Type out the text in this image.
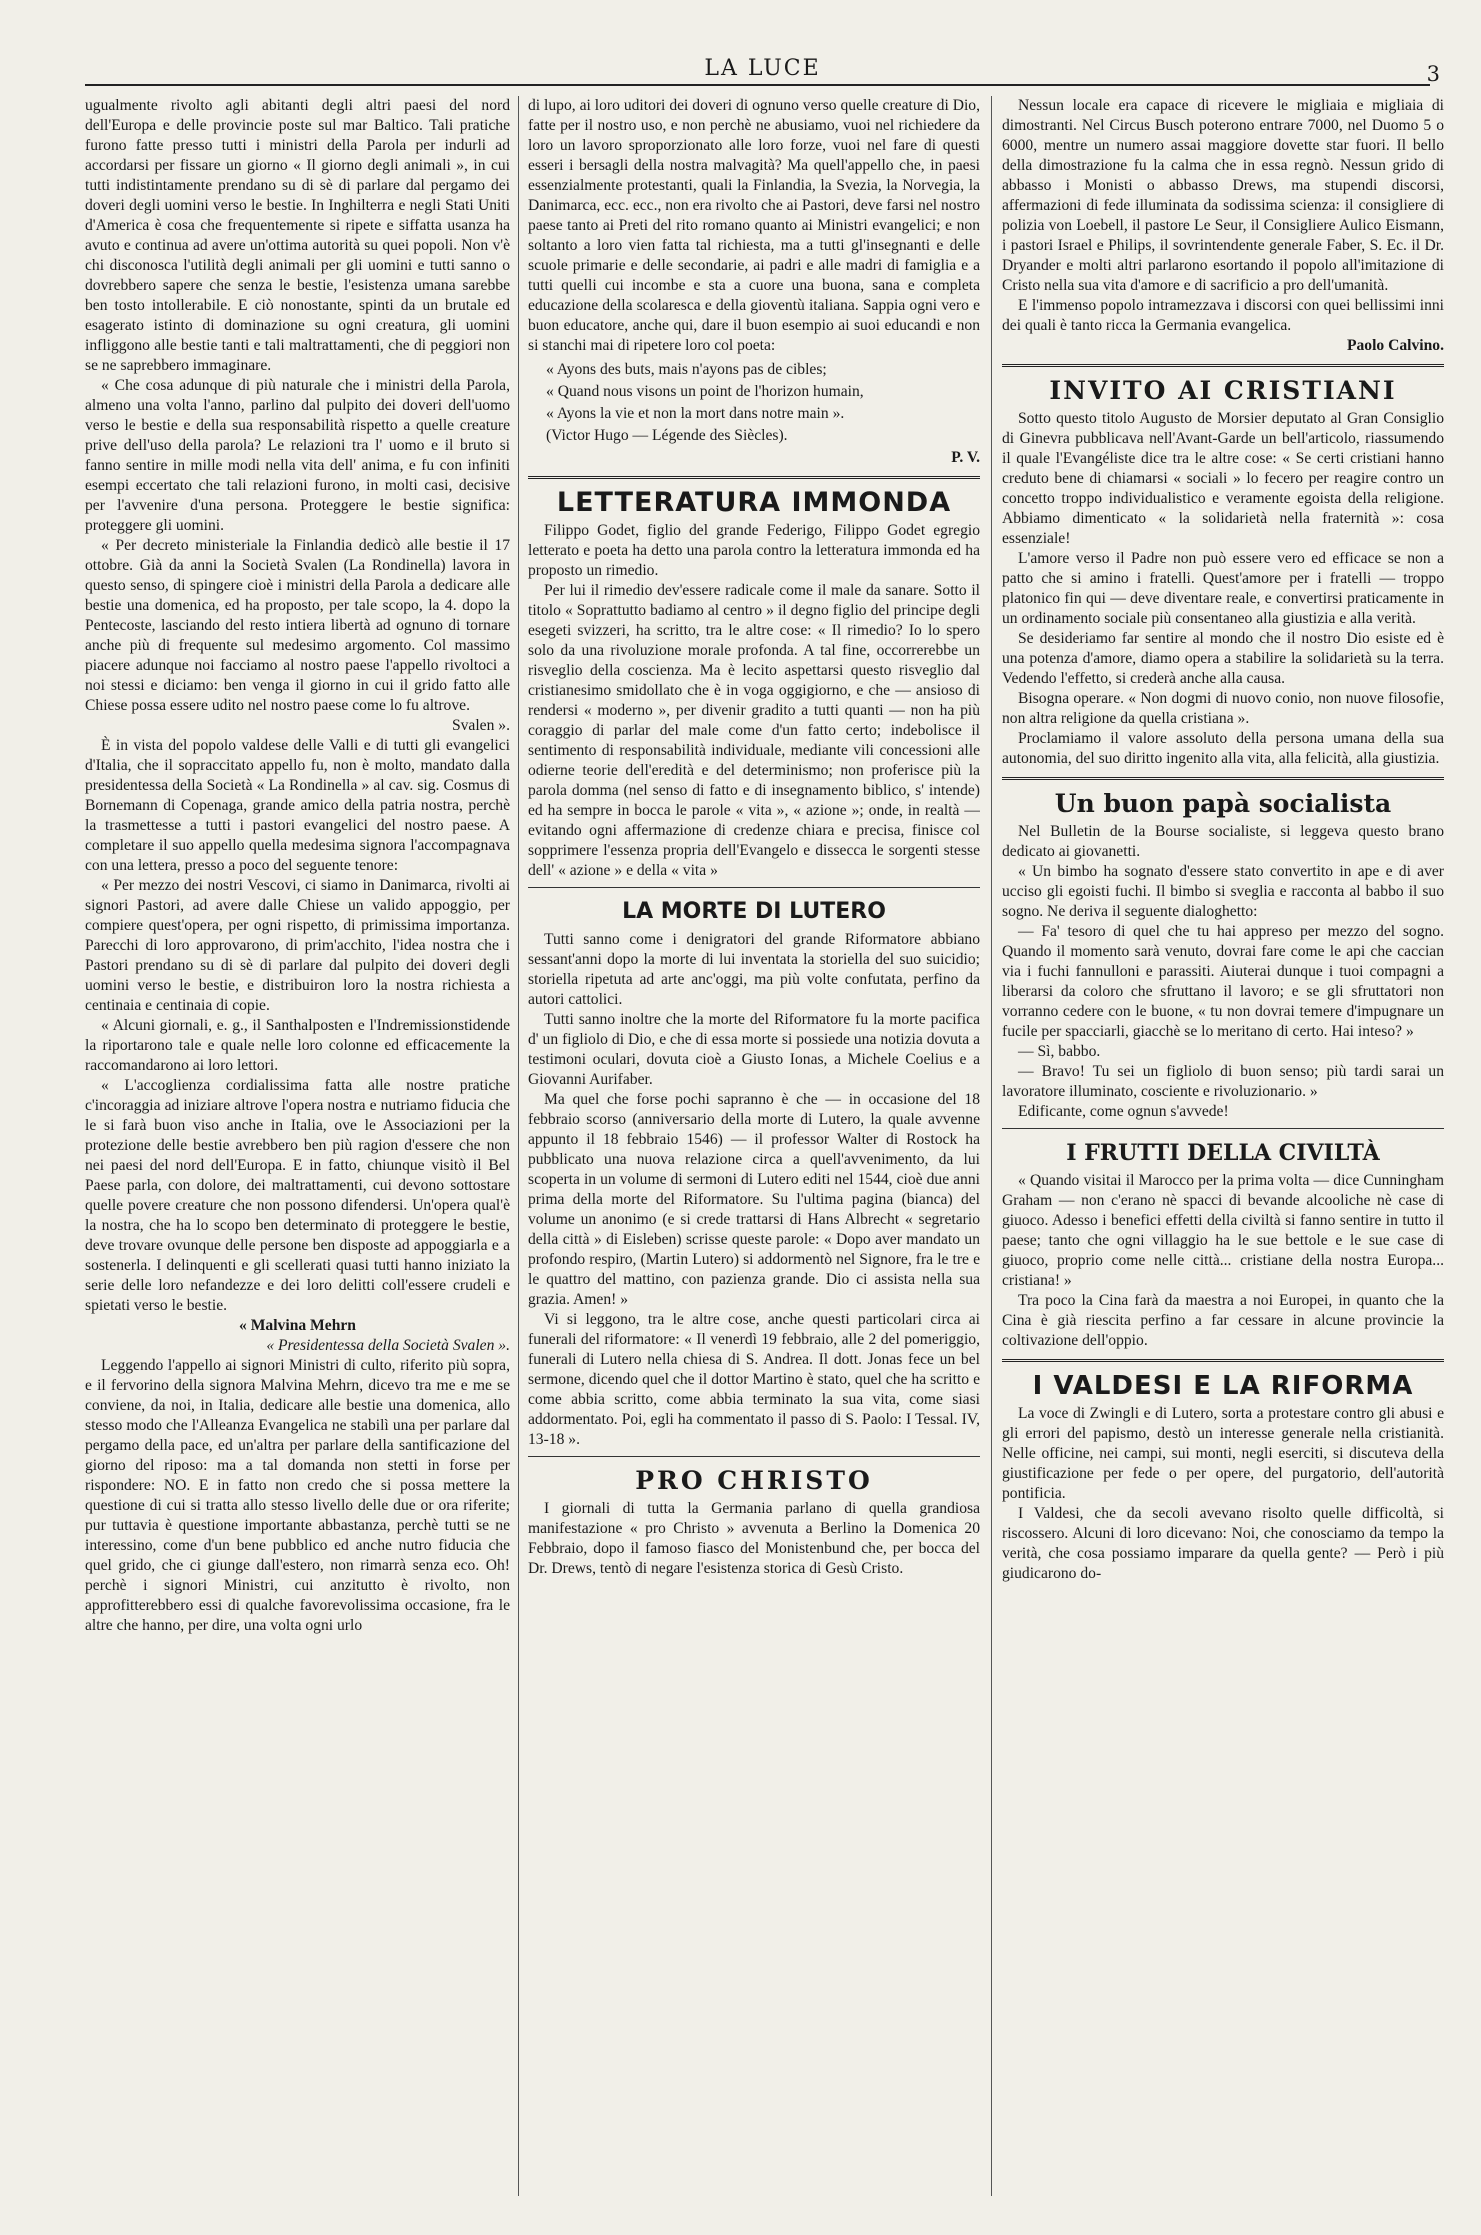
LA LUCE	3

ugualmente rivolto agli abitanti degli altri paesi del nord dell'Europa e delle provincie poste sul mar Baltico. Tali pratiche furono fatte presso tutti i ministri della Parola per indurli ad accordarsi per fissare un giorno « Il giorno degli animali », in cui tutti indistintamente prendano su di sè di parlare dal pergamo dei doveri degli uomini verso le bestie. In Inghilterra e negli Stati Uniti d'America è cosa che frequentemente si ripete e siffatta usanza ha avuto e continua ad avere un'ottima autorità su quei popoli. Non v'è chi disconosca l'utilità degli animali per gli uomini e tutti sanno o dovrebbero sapere che senza le bestie, l'esistenza umana sarebbe ben tosto intollerabile. E ciò nonostante, spinti da un brutale ed esagerato istinto di dominazione su ogni creatura, gli uomini infliggono alle bestie tanti e tali maltrattamenti, che di peggiori non se ne saprebbero immaginare.

« Che cosa adunque di più naturale che i ministri della Parola, almeno una volta l'anno, parlino dal pulpito dei doveri dell'uomo verso le bestie e della sua responsabilità rispetto a quelle creature prive dell'uso della parola? Le relazioni tra l' uomo e il bruto si fanno sentire in mille modi nella vita dell' anima, e fu con infiniti esempi eccertato che tali relazioni furono, in molti casi, decisive per l'avvenire d'una persona. Proteggere le bestie significa: proteggere gli uomini.

« Per decreto ministeriale la Finlandia dedicò alle bestie il 17 ottobre. Già da anni la Società Svalen (La Rondinella) lavora in questo senso, di spingere cioè i ministri della Parola a dedicare alle bestie una domenica, ed ha proposto, per tale scopo, la 4. dopo la Pentecoste, lasciando del resto intiera libertà ad ognuno di tornare anche più di frequente sul medesimo argomento. Col massimo piacere adunque noi facciamo al nostro paese l'appello rivoltoci a noi stessi e diciamo: ben venga il giorno in cui il grido fatto alle Chiese possa essere udito nel nostro paese come lo fu altrove.

Svalen ».

È in vista del popolo valdese delle Valli e di tutti gli evangelici d'Italia, che il sopraccitato appello fu, non è molto, mandato dalla presidentessa della Società « La Rondinella » al cav. sig. Cosmus di Bornemann di Copenaga, grande amico della patria nostra, perchè la trasmettesse a tutti i pastori evangelici del nostro paese. A completare il suo appello quella medesima signora l'accompagnava con una lettera, presso a poco del seguente tenore:

« Per mezzo dei nostri Vescovi, ci siamo in Danimarca, rivolti ai signori Pastori, ad avere dalle Chiese un valido appoggio, per compiere quest'opera, per ogni rispetto, di primissima importanza. Parecchi di loro approvarono, di prim'acchito, l'idea nostra che i Pastori prendano su di sè di parlare dal pulpito dei doveri degli uomini verso le bestie, e distribuiron loro la nostra richiesta a centinaia e centinaia di copie.

« Alcuni giornali, e. g., il Santhalposten e l'Indremissionstidende la riportarono tale e quale nelle loro colonne ed efficacemente la raccomandarono ai loro lettori.

« L'accoglienza cordialissima fatta alle nostre pratiche c'incoraggia ad iniziare altrove l'opera nostra e nutriamo fiducia che le si farà buon viso anche in Italia, ove le Associazioni per la protezione delle bestie avrebbero ben più ragion d'essere che non nei paesi del nord dell'Europa. E in fatto, chiunque visitò il Bel Paese parla, con dolore, dei maltrattamenti, cui devono sottostare quelle povere creature che non possono difendersi. Un'opera qual'è la nostra, che ha lo scopo ben determinato di proteggere le bestie, deve trovare ovunque delle persone ben disposte ad appoggiarla e a sostenerla. I delinquenti e gli scellerati quasi tutti hanno iniziato la serie delle loro nefandezze e dei loro delitti coll'essere crudeli e spietati verso le bestie.

« Malvina Mehrn

« Presidentessa della Società Svalen ».

Leggendo l'appello ai signori Ministri di culto, riferito più sopra, e il fervorino della signora Malvina Mehrn, dicevo tra me e me se conviene, da noi, in Italia, dedicare alle bestie una domenica, allo stesso modo che l'Alleanza Evangelica ne stabilì una per parlare dal pergamo della pace, ed un'altra per parlare della santificazione del giorno del riposo: ma a tal domanda non stetti in forse per rispondere: NO. E in fatto non credo che si possa mettere la questione di cui si tratta allo stesso livello delle due or ora riferite; pur tuttavia è questione importante abbastanza, perchè tutti se ne interessino, come d'un bene pubblico ed anche nutro fiducia che quel grido, che ci giunge dall'estero, non rimarrà senza eco. Oh! perchè i signori Ministri, cui anzitutto è rivolto, non approfitterebbero essi di qualche favorevolissima occasione, fra le altre che hanno, per dire, una volta ogni urlo

di lupo, ai loro uditori dei doveri di ognuno verso quelle creature di Dio, fatte per il nostro uso, e non perchè ne abusiamo, vuoi nel richiedere da loro un lavoro sproporzionato alle loro forze, vuoi nel fare di questi esseri i bersagli della nostra malvagità? Ma quell'appello che, in paesi essenzialmente protestanti, quali la Finlandia, la Svezia, la Norvegia, la Danimarca, ecc. ecc., non era rivolto che ai Pastori, deve farsi nel nostro paese tanto ai Preti del rito romano quanto ai Ministri evangelici; e non soltanto a loro vien fatta tal richiesta, ma a tutti gl'insegnanti e delle scuole primarie e delle secondarie, ai padri e alle madri di famiglia e a tutti quelli cui incombe e sta a cuore una buona, sana e completa educazione della scolaresca e della gioventù italiana. Sappia ogni vero e buon educatore, anche qui, dare il buon esempio ai suoi educandi e non si stanchi mai di ripetere loro col poeta:

« Ayons des buts, mais n'ayons pas de cibles;

« Quand nous visons un point de l'horizon humain,

« Ayons la vie et non la mort dans notre main ».

(Victor Hugo — Légende des Siècles).

P. V.

LETTERATURA IMMONDA

Filippo Godet, figlio del grande Federigo, Filippo Godet egregio letterato e poeta ha detto una parola contro la letteratura immonda ed ha proposto un rimedio.

Per lui il rimedio dev'essere radicale come il male da sanare. Sotto il titolo « Soprattutto badiamo al centro » il degno figlio del principe degli esegeti svizzeri, ha scritto, tra le altre cose: « Il rimedio? Io lo spero solo da una rivoluzione morale profonda. A tal fine, occorrerebbe un risveglio della coscienza. Ma è lecito aspettarsi questo risveglio dal cristianesimo smidollato che è in voga oggigiorno, e che — ansioso di rendersi « moderno », per divenir gradito a tutti quanti — non ha più coraggio di parlar del male come d'un fatto certo; indebolisce il sentimento di responsabilità individuale, mediante vili concessioni alle odierne teorie dell'eredità e del determinismo; non proferisce più la parola domma (nel senso di fatto e di insegnamento biblico, s' intende) ed ha sempre in bocca le parole « vita », « azione »; onde, in realtà — evitando ogni affermazione di credenze chiara e precisa, finisce col sopprimere l'essenza propria dell'Evangelo e dissecca le sorgenti stesse dell' « azione » e della « vita »

LA MORTE DI LUTERO

Tutti sanno come i denigratori del grande Riformatore abbiano sessant'anni dopo la morte di lui inventata la storiella del suo suicidio; storiella ripetuta ad arte anc'oggi, ma più volte confutata, perfino da autori cattolici.

Tutti sanno inoltre che la morte del Riformatore fu la morte pacifica d' un figliolo di Dio, e che di essa morte si possiede una notizia dovuta a testimoni oculari, dovuta cioè a Giusto Ionas, a Michele Coelius e a Giovanni Aurifaber.

Ma quel che forse pochi sapranno è che — in occasione del 18 febbraio scorso (anniversario della morte di Lutero, la quale avvenne appunto il 18 febbraio 1546) — il professor Walter di Rostock ha pubblicato una nuova relazione circa a quell'avvenimento, da lui scoperta in un volume di sermoni di Lutero editi nel 1544, cioè due anni prima della morte del Riformatore. Su l'ultima pagina (bianca) del volume un anonimo (e si crede trattarsi di Hans Albrecht « segretario della città » di Eisleben) scrisse queste parole: « Dopo aver mandato un profondo respiro, (Martin Lutero) si addormentò nel Signore, fra le tre e le quattro del mattino, con pazienza grande. Dio ci assista nella sua grazia. Amen! »

Vi si leggono, tra le altre cose, anche questi particolari circa ai funerali del riformatore: « Il venerdì 19 febbraio, alle 2 del pomeriggio, funerali di Lutero nella chiesa di S. Andrea. Il dott. Jonas fece un bel sermone, dicendo quel che il dottor Martino è stato, quel che ha scritto e come abbia scritto, come abbia terminato la sua vita, come siasi addormentato. Poi, egli ha commentato il passo di S. Paolo: I Tessal. IV, 13-18 ».

PRO CHRISTO

I giornali di tutta la Germania parlano di quella grandiosa manifestazione « pro Christo » avvenuta a Berlino la Domenica 20 Febbraio, dopo il famoso fiasco del Monistenbund che, per bocca del Dr. Drews, tentò di negare l'esistenza storica di Gesù Cristo.

Nessun locale era capace di ricevere le migliaia e migliaia di dimostranti. Nel Circus Busch poterono entrare 7000, nel Duomo 5 o 6000, mentre un numero assai maggiore dovette star fuori. Il bello della dimostrazione fu la calma che in essa regnò. Nessun grido di abbasso i Monisti o abbasso Drews, ma stupendi discorsi, affermazioni di fede illuminata da sodissima scienza: il consigliere di polizia von Loebell, il pastore Le Seur, il Consigliere Aulico Eismann, i pastori Israel e Philips, il sovrintendente generale Faber, S. Ec. il Dr. Dryander e molti altri parlarono esortando il popolo all'imitazione di Cristo nella sua vita d'amore e di sacrificio a pro dell'umanità.

E l'immenso popolo intramezzava i discorsi con quei bellissimi inni dei quali è tanto ricca la Germania evangelica.

Paolo Calvino.

INVITO AI CRISTIANI

Sotto questo titolo Augusto de Morsier deputato al Gran Consiglio di Ginevra pubblicava nell'Avant-Garde un bell'articolo, riassumendo il quale l'Evangéliste dice tra le altre cose: « Se certi cristiani hanno creduto bene di chiamarsi « sociali » lo fecero per reagire contro un concetto troppo individualistico e veramente egoista della religione. Abbiamo dimenticato « la solidarietà nella fraternità »: cosa essenziale!

L'amore verso il Padre non può essere vero ed efficace se non a patto che si amino i fratelli. Quest'amore per i fratelli — troppo platonico fin qui — deve diventare reale, e convertirsi praticamente in un ordinamento sociale più consentaneo alla giustizia e alla verità.

Se desideriamo far sentire al mondo che il nostro Dio esiste ed è una potenza d'amore, diamo opera a stabilire la solidarietà su la terra. Vedendo l'effetto, si crederà anche alla causa.

Bisogna operare. « Non dogmi di nuovo conio, non nuove filosofie, non altra religione da quella cristiana ».

Proclamiamo il valore assoluto della persona umana della sua autonomia, del suo diritto ingenito alla vita, alla felicità, alla giustizia.

Un buon papà socialista

Nel Bulletin de la Bourse socialiste, si leggeva questo brano dedicato ai giovanetti.

« Un bimbo ha sognato d'essere stato convertito in ape e di aver ucciso gli egoisti fuchi. Il bimbo si sveglia e racconta al babbo il suo sogno. Ne deriva il seguente dialoghetto:

— Fa' tesoro di quel che tu hai appreso per mezzo del sogno. Quando il momento sarà venuto, dovrai fare come le api che caccian via i fuchi fannulloni e parassiti. Aiuterai dunque i tuoi compagni a liberarsi da coloro che sfruttano il lavoro; e se gli sfruttatori non vorranno cedere con le buone, « tu non dovrai temere d'impugnare un fucile per spacciarli, giacchè se lo meritano di certo. Hai inteso? »

— Sì, babbo.

— Bravo! Tu sei un figliolo di buon senso; più tardi sarai un lavoratore illuminato, cosciente e rivoluzionario. »

Edificante, come ognun s'avvede!

I FRUTTI DELLA CIVILTÀ

« Quando visitai il Marocco per la prima volta — dice Cunningham Graham — non c'erano nè spacci di bevande alcooliche nè case di giuoco. Adesso i benefici effetti della civiltà si fanno sentire in tutto il paese; tanto che ogni villaggio ha le sue bettole e le sue case di giuoco, proprio come nelle città... cristiane della nostra Europa... cristiana! »

Tra poco la Cina farà da maestra a noi Europei, in quanto che la Cina è già riescita perfino a far cessare in alcune provincie la coltivazione dell'oppio.

I VALDESI E LA RIFORMA

La voce di Zwingli e di Lutero, sorta a protestare contro gli abusi e gli errori del papismo, destò un interesse generale nella cristianità. Nelle officine, nei campi, sui monti, negli eserciti, si discuteva della giustificazione per fede o per opere, del purgatorio, dell'autorità pontificia.

I Valdesi, che da secoli avevano risolto quelle difficoltà, si riscossero. Alcuni di loro dicevano: Noi, che conosciamo da tempo la verità, che cosa possiamo imparare da quella gente? — Però i più giudicarono do-
